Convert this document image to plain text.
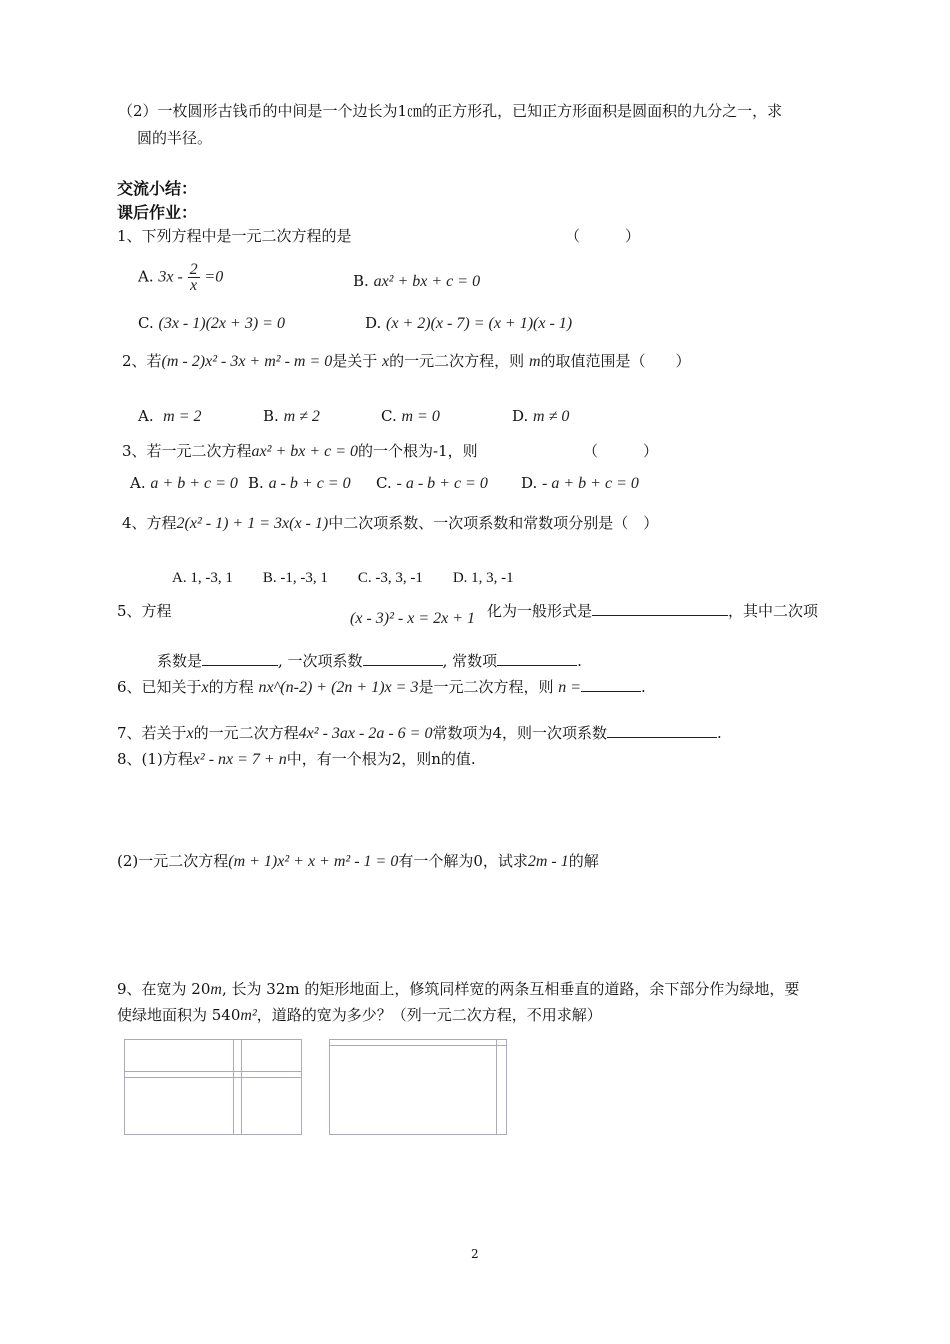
（2）一枚圆形古钱币的中间是一个边长为1㎝的正方形孔，已知正方形面积是圆面积的九分之一，求
圆的半径。
交流小结：
课后作业：
1、下列方程中是一元二次方程的是	（　　　）
A. $3x - \frac{2}{x} =0$	B. ax² + bx + c = 0
C. (3x - 1)(2x + 3) = 0	D. (x + 2)(x - 7) = (x + 1)(x - 1)
2、若(m - 2)x² - 3x + m² - m = 0是关于 x的一元二次方程，则 m的取值范围是（　　）
A. m = 2	B. m ≠ 2	C. m = 0	D. m ≠ 0
3、若一元二次方程ax² + bx + c = 0的一个根为-1，则	（　　　）
A. a + b + c = 0 B. a - b + c = 0 C. - a - b + c = 0 D. - a + b + c = 0
4、方程2(x² - 1) + 1 = 3x(x - 1)中二次项系数、一次项系数和常数项分别是（　）
A. 1, -3, 1　　B. -1, -3, 1　　C. -3, 3, -1　　D. 1, 3, -1
5、方程	(x - 3)² - x = 2x + 1 化为一般形式是	，其中二次项
系数是	, 一次项系数	, 常数项	.
6、已知关于x的方程 nx^(n-2) + (2n + 1)x = 3是一元二次方程，则 n =	.
7、若关于x的一元二次方程4x² - 3ax - 2a - 6 = 0常数项为4，则一次项系数	.
8、(1)方程x² - nx = 7 + n中，有一个根为2，则n的值.
(2)一元二次方程(m + 1)x² + x + m² - 1 = 0有一个解为0，试求2m - 1的解
9、在宽为 20m, 长为 32m 的矩形地面上，修筑同样宽的两条互相垂直的道路，余下部分作为绿地，要
使绿地面积为 540m²，道路的宽为多少？（列一元二次方程，不用求解）
2
